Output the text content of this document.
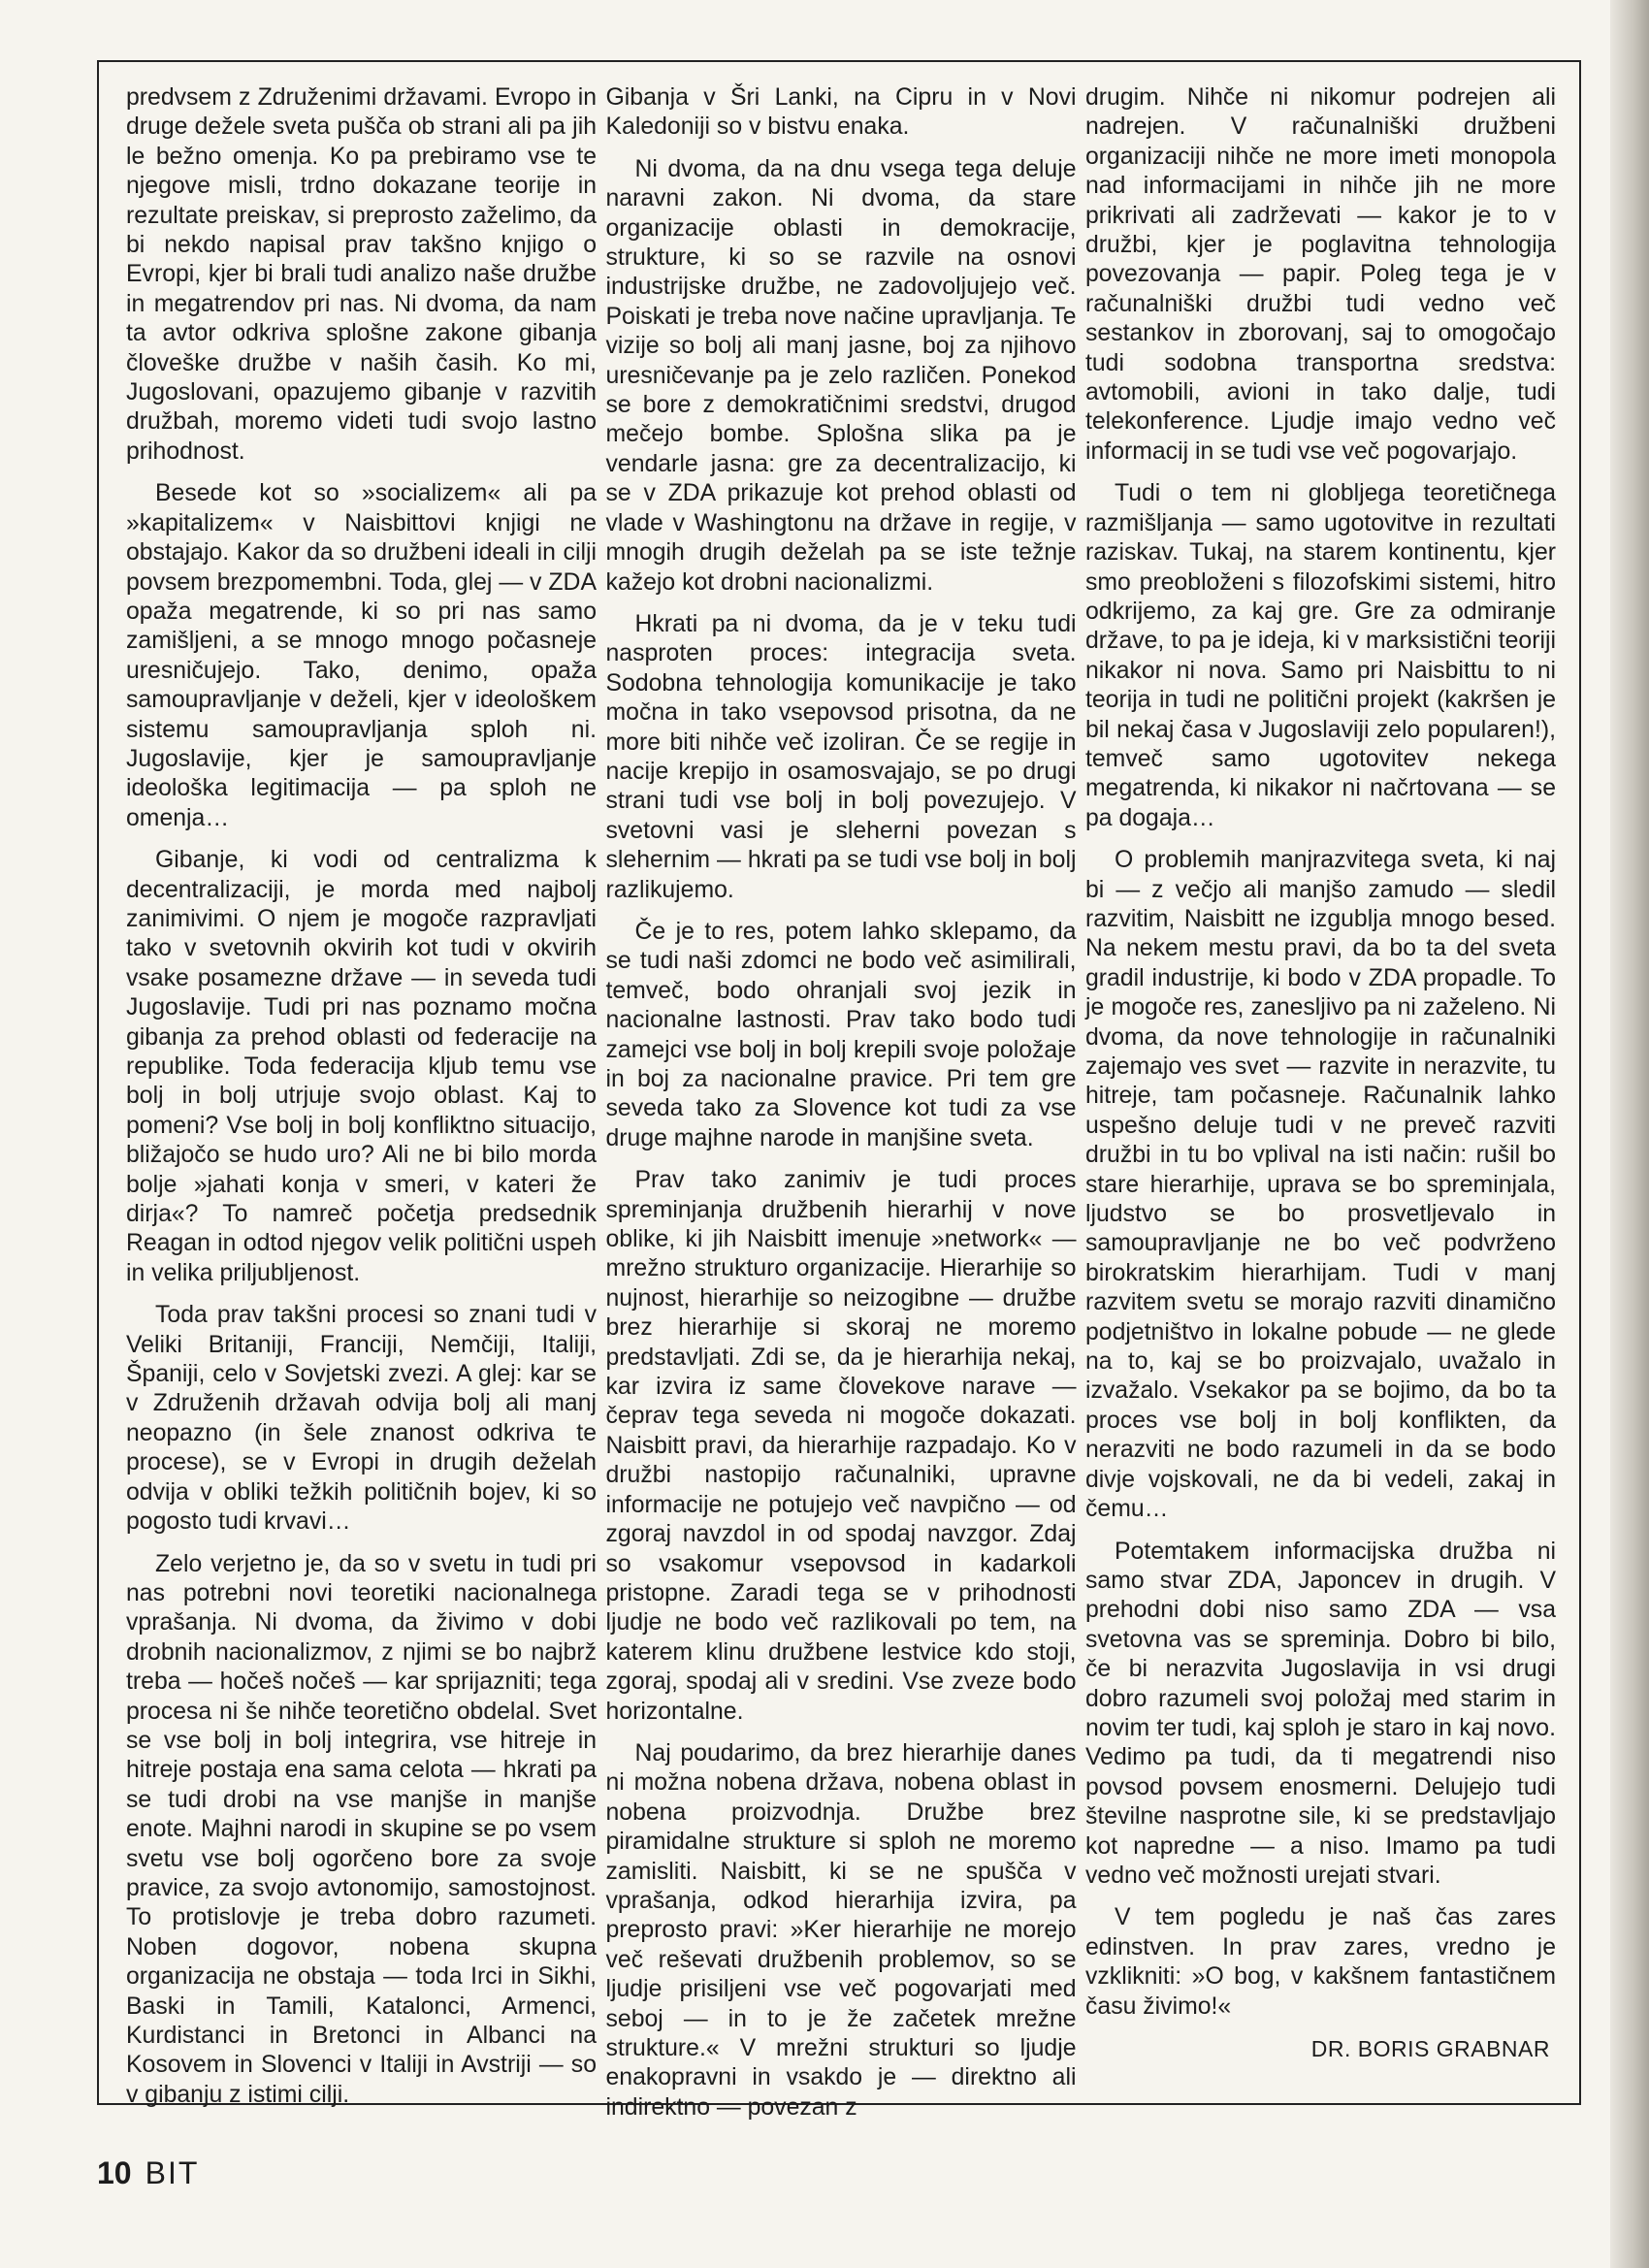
predvsem z Združenimi državami. Evropo in druge dežele sveta pušča ob strani ali pa jih le bežno omenja. Ko pa prebiramo vse te njegove misli, trdno dokazane teorije in rezultate preiskav, si preprosto zaželimo, da bi nekdo napisal prav takšno knjigo o Evropi, kjer bi brali tudi analizo naše družbe in megatrendov pri nas. Ni dvoma, da nam ta avtor odkriva splošne zakone gibanja človeške družbe v naših časih. Ko mi, Jugoslovani, opazujemo gibanje v razvitih družbah, moremo videti tudi svojo lastno prihodnost.

Besede kot so »socializem« ali pa »kapitalizem« v Naisbittovi knjigi ne obstajajo. Kakor da so družbeni ideali in cilji povsem brezpomembni. Toda, glej — v ZDA opaža megatrende, ki so pri nas samo zamišljeni, a se mnogo mnogo počasneje uresničujejo. Tako, denimo, opaža samoupravljanje v deželi, kjer v ideološkem sistemu samoupravljanja sploh ni. Jugoslavije, kjer je samoupravljanje ideološka legitimacija — pa sploh ne omenja…

Gibanje, ki vodi od centralizma k decentralizaciji, je morda med najbolj zanimivimi. O njem je mogoče razpravljati tako v svetovnih okvirih kot tudi v okvirih vsake posamezne države — in seveda tudi Jugoslavije. Tudi pri nas poznamo močna gibanja za prehod oblasti od federacije na republike. Toda federacija kljub temu vse bolj in bolj utrjuje svojo oblast. Kaj to pomeni? Vse bolj in bolj konfliktno situacijo, bližajočo se hudo uro? Ali ne bi bilo morda bolje »jahati konja v smeri, v kateri že dirja«? To namreč početja predsednik Reagan in odtod njegov velik politični uspeh in velika priljubljenost.

Toda prav takšni procesi so znani tudi v Veliki Britaniji, Franciji, Nemčiji, Italiji, Španiji, celo v Sovjetski zvezi. A glej: kar se v Združenih državah odvija bolj ali manj neopazno (in šele znanost odkriva te procese), se v Evropi in drugih deželah odvija v obliki težkih političnih bojev, ki so pogosto tudi krvavi…

Zelo verjetno je, da so v svetu in tudi pri nas potrebni novi teoretiki nacionalnega vprašanja. Ni dvoma, da živimo v dobi drobnih nacionalizmov, z njimi se bo najbrž treba — hočeš nočeš — kar sprijazniti; tega procesa ni še nihče teoretično obdelal. Svet se vse bolj in bolj integrira, vse hitreje in hitreje postaja ena sama celota — hkrati pa se tudi drobi na vse manjše in manjše enote. Majhni narodi in skupine se po vsem svetu vse bolj ogorčeno bore za svoje pravice, za svojo avtonomijo, samostojnost. To protislovje je treba dobro razumeti. Noben dogovor, nobena skupna organizacija ne obstaja — toda Irci in Sikhi, Baski in Tamili, Katalonci, Armenci, Kurdistanci in Bretonci in Albanci na Kosovem in Slovenci v Italiji in Avstriji — so v gibanju z istimi cilji.

Gibanja v Šri Lanki, na Cipru in v Novi Kaledoniji so v bistvu enaka.

Ni dvoma, da na dnu vsega tega deluje naravni zakon. Ni dvoma, da stare organizacije oblasti in demokracije, strukture, ki so se razvile na osnovi industrijske družbe, ne zadovoljujejo več. Poiskati je treba nove načine upravljanja. Te vizije so bolj ali manj jasne, boj za njihovo uresničevanje pa je zelo različen. Ponekod se bore z demokratičnimi sredstvi, drugod mečejo bombe. Splošna slika pa je vendarle jasna: gre za decentralizacijo, ki se v ZDA prikazuje kot prehod oblasti od vlade v Washingtonu na države in regije, v mnogih drugih deželah pa se iste težnje kažejo kot drobni nacionalizmi.

Hkrati pa ni dvoma, da je v teku tudi nasproten proces: integracija sveta. Sodobna tehnologija komunikacije je tako močna in tako vsepovsod prisotna, da ne more biti nihče več izoliran. Če se regije in nacije krepijo in osamosvajajo, se po drugi strani tudi vse bolj in bolj povezujejo. V svetovni vasi je sleherni povezan s slehernim — hkrati pa se tudi vse bolj in bolj razlikujemo.

Če je to res, potem lahko sklepamo, da se tudi naši zdomci ne bodo več asimilirali, temveč, bodo ohranjali svoj jezik in nacionalne lastnosti. Prav tako bodo tudi zamejci vse bolj in bolj krepili svoje položaje in boj za nacionalne pravice. Pri tem gre seveda tako za Slovence kot tudi za vse druge majhne narode in manjšine sveta.

Prav tako zanimiv je tudi proces spreminjanja družbenih hierarhij v nove oblike, ki jih Naisbitt imenuje »network« — mrežno strukturo organizacije. Hierarhije so nujnost, hierarhije so neizogibne — družbe brez hierarhije si skoraj ne moremo predstavljati. Zdi se, da je hierarhija nekaj, kar izvira iz same človekove narave — čeprav tega seveda ni mogoče dokazati. Naisbitt pravi, da hierarhije razpadajo. Ko v družbi nastopijo računalniki, upravne informacije ne potujejo več navpično — od zgoraj navzdol in od spodaj navzgor. Zdaj so vsakomur vsepovsod in kadarkoli pristopne. Zaradi tega se v prihodnosti ljudje ne bodo več razlikovali po tem, na katerem klinu družbene lestvice kdo stoji, zgoraj, spodaj ali v sredini. Vse zveze bodo horizontalne.

Naj poudarimo, da brez hierarhije danes ni možna nobena država, nobena oblast in nobena proizvodnja. Družbe brez piramidalne strukture si sploh ne moremo zamisliti. Naisbitt, ki se ne spušča v vprašanja, odkod hierarhija izvira, pa preprosto pravi: »Ker hierarhije ne morejo več reševati družbenih problemov, so se ljudje prisiljeni vse več pogovarjati med seboj — in to je že začetek mrežne strukture.« V mrežni strukturi so ljudje enakopravni in vsakdo je — direktno ali indirektno — povezan z

drugim. Nihče ni nikomur podrejen ali nadrejen. V računalniški družbeni organizaciji nihče ne more imeti monopola nad informacijami in nihče jih ne more prikrivati ali zadrževati — kakor je to v družbi, kjer je poglavitna tehnologija povezovanja — papir. Poleg tega je v računalniški družbi tudi vedno več sestankov in zborovanj, saj to omogočajo tudi sodobna transportna sredstva: avtomobili, avioni in tako dalje, tudi telekonference. Ljudje imajo vedno več informacij in se tudi vse več pogovarjajo.

Tudi o tem ni globljega teoretičnega razmišljanja — samo ugotovitve in rezultati raziskav. Tukaj, na starem kontinentu, kjer smo preobloženi s filozofskimi sistemi, hitro odkrijemo, za kaj gre. Gre za odmiranje države, to pa je ideja, ki v marksistični teoriji nikakor ni nova. Samo pri Naisbittu to ni teorija in tudi ne politični projekt (kakršen je bil nekaj časa v Jugoslaviji zelo popularen!), temveč samo ugotovitev nekega megatrenda, ki nikakor ni načrtovana — se pa dogaja…

O problemih manjrazvitega sveta, ki naj bi — z večjo ali manjšo zamudo — sledil razvitim, Naisbitt ne izgublja mnogo besed. Na nekem mestu pravi, da bo ta del sveta gradil industrije, ki bodo v ZDA propadle. To je mogoče res, zanesljivo pa ni zaželeno. Ni dvoma, da nove tehnologije in računalniki zajemajo ves svet — razvite in nerazvite, tu hitreje, tam počasneje. Računalnik lahko uspešno deluje tudi v ne preveč razviti družbi in tu bo vplival na isti način: rušil bo stare hierarhije, uprava se bo spreminjala, ljudstvo se bo prosvetljevalo in samoupravljanje ne bo več podvrženo birokratskim hierarhijam. Tudi v manj razvitem svetu se morajo razviti dinamično podjetništvo in lokalne pobude — ne glede na to, kaj se bo proizvajalo, uvažalo in izvažalo. Vsekakor pa se bojimo, da bo ta proces vse bolj in bolj konflikten, da nerazviti ne bodo razumeli in da se bodo divje vojskovali, ne da bi vedeli, zakaj in čemu…

Potemtakem informacijska družba ni samo stvar ZDA, Japoncev in drugih. V prehodni dobi niso samo ZDA — vsa svetovna vas se spreminja. Dobro bi bilo, če bi nerazvita Jugoslavija in vsi drugi dobro razumeli svoj položaj med starim in novim ter tudi, kaj sploh je staro in kaj novo. Vedimo pa tudi, da ti megatrendi niso povsod povsem enosmerni. Delujejo tudi številne nasprotne sile, ki se predstavljajo kot napredne — a niso. Imamo pa tudi vedno več možnosti urejati stvari.

V tem pogledu je naš čas zares edinstven. In prav zares, vredno je vzklikniti: »O bog, v kakšnem fantastičnem času živimo!«

DR. BORIS GRABNAR
10 BIT
